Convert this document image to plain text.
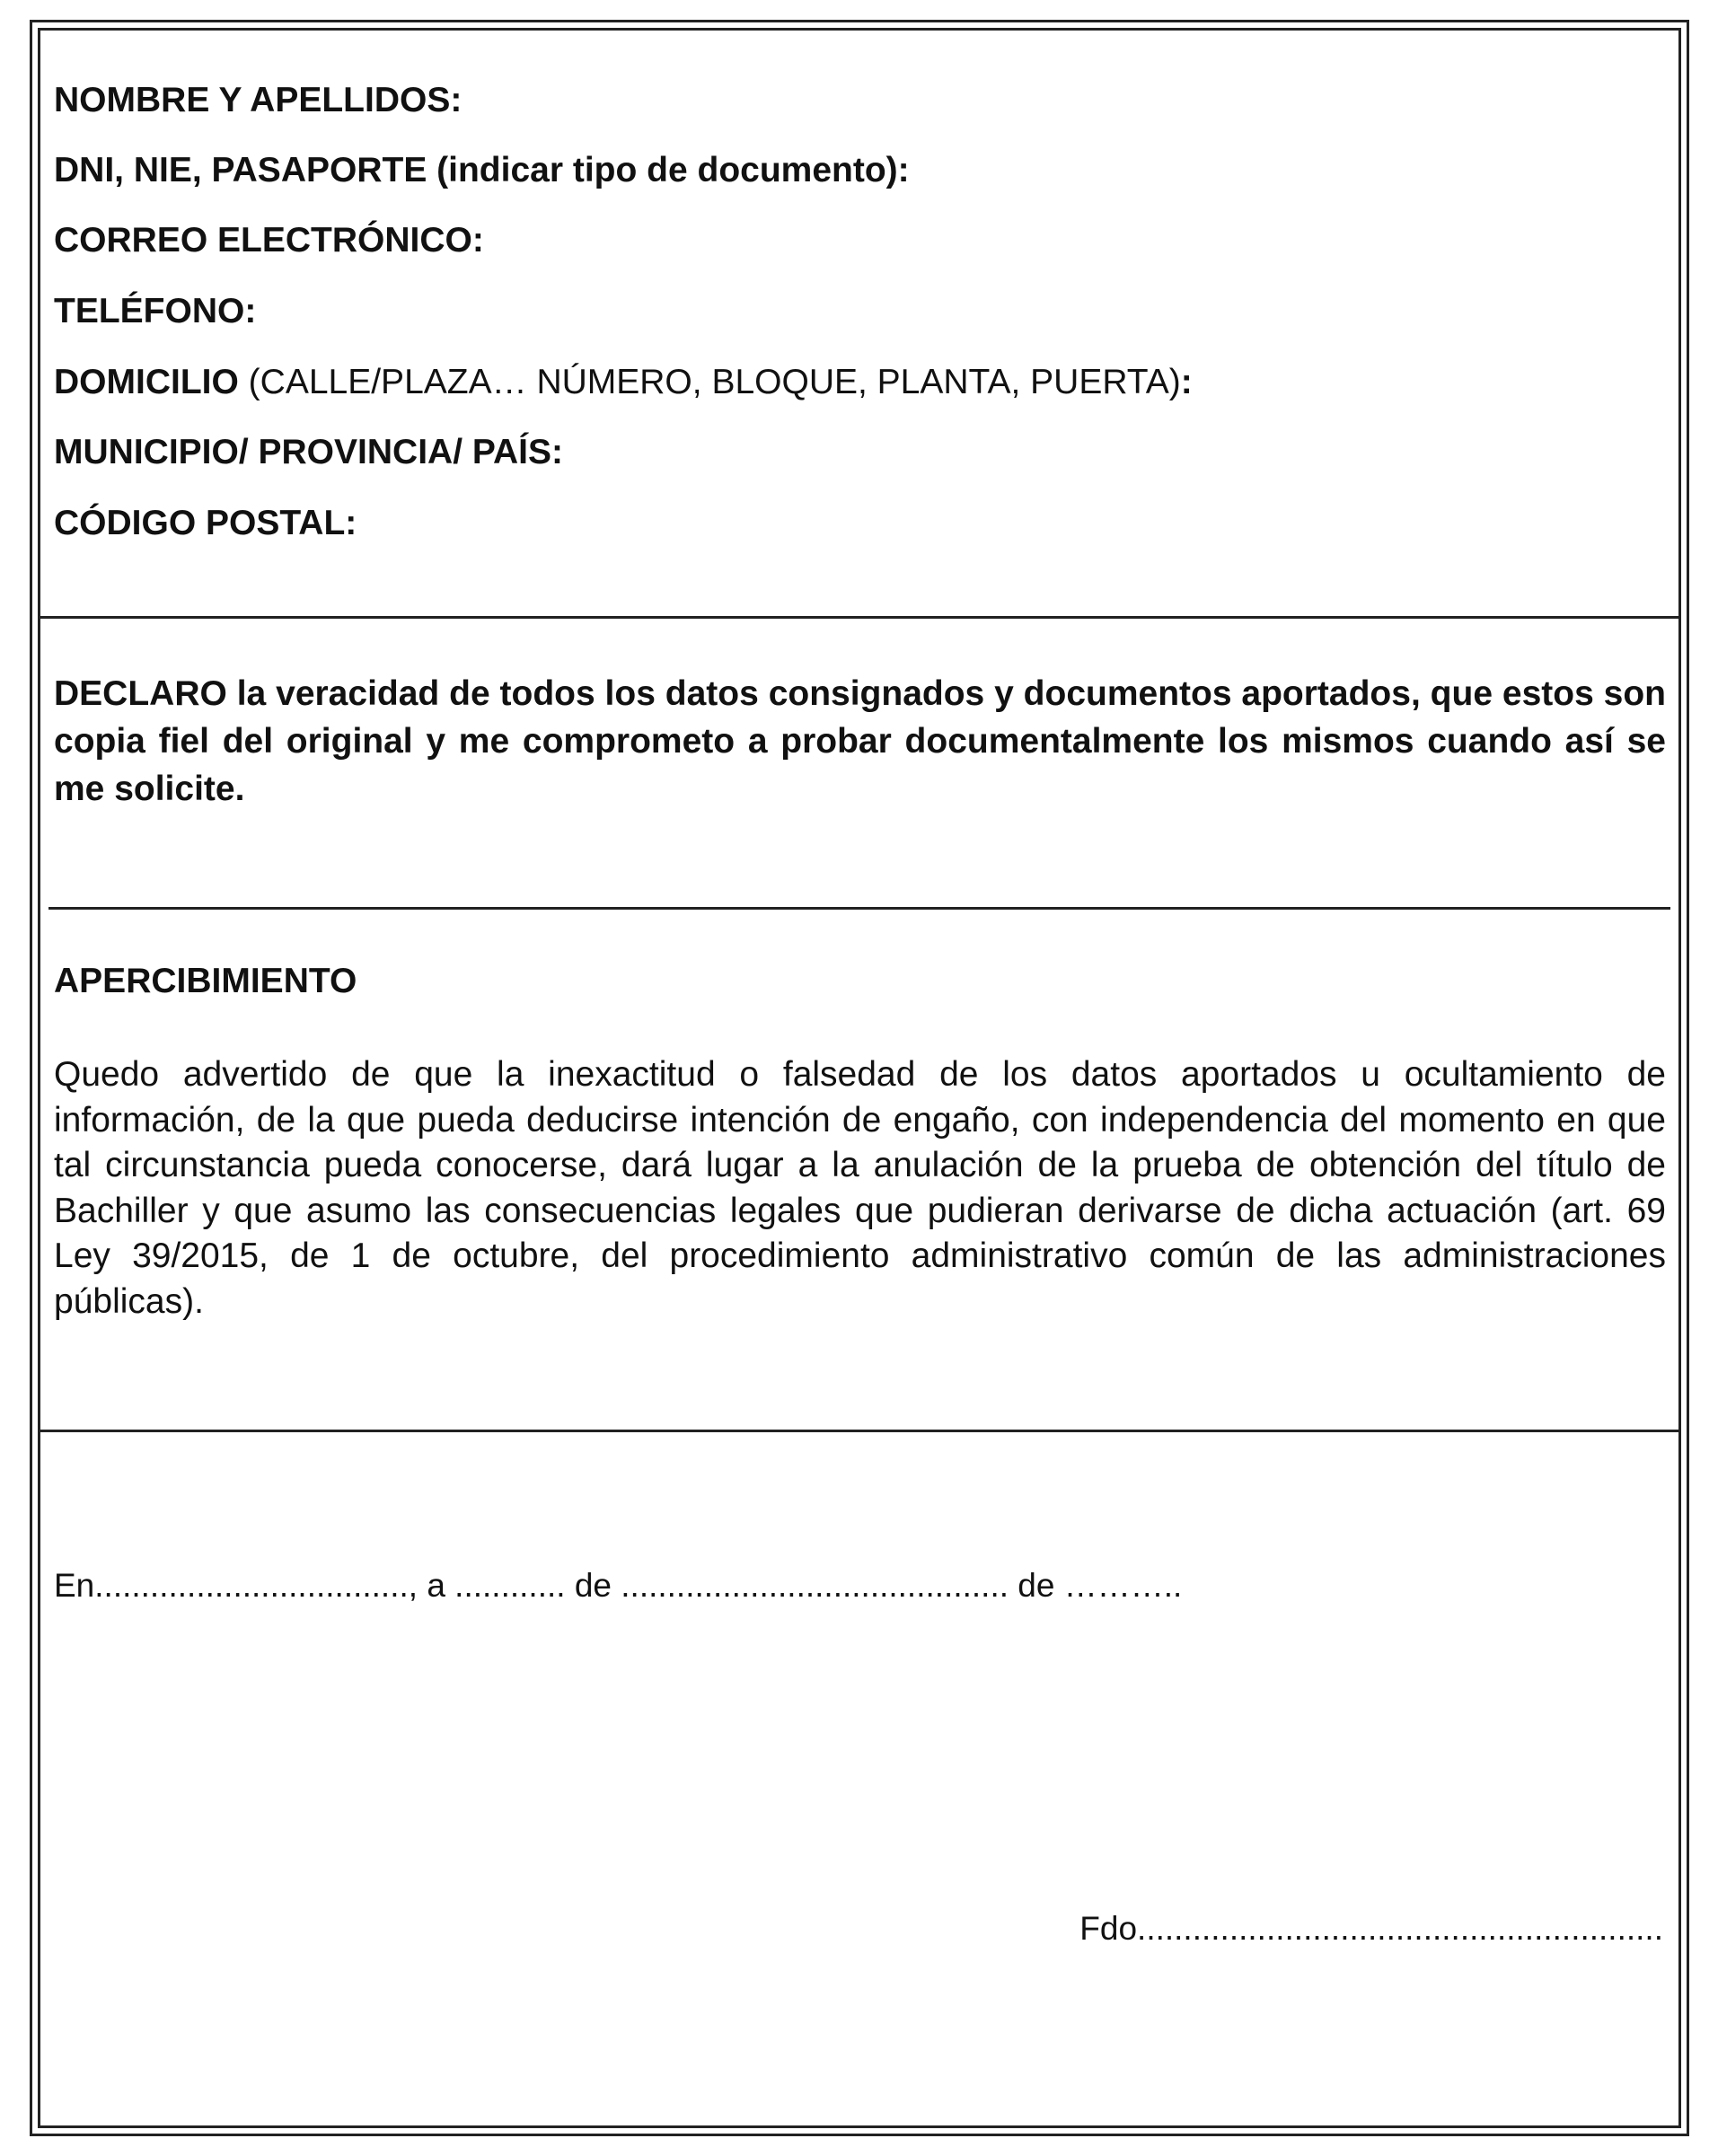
NOMBRE Y APELLIDOS:
DNI, NIE, PASAPORTE (indicar tipo de documento):
CORREO ELECTRÓNICO:
TELÉFONO:
DOMICILIO (CALLE/PLAZA… NÚMERO, BLOQUE, PLANTA, PUERTA):
MUNICIPIO/ PROVINCIA/ PAÍS:
CÓDIGO POSTAL:
DECLARO la veracidad de todos los datos consignados y documentos aportados, que estos son copia fiel del original y me comprometo a probar documentalmente los mismos cuando así se me solicite.
APERCIBIMIENTO
Quedo advertido de que la inexactitud o falsedad de los datos aportados u ocultamiento de información, de la que pueda deducirse intención de engaño, con independencia del momento en que tal circunstancia pueda conocerse, dará lugar a la anulación de la prueba de obtención del título de Bachiller y que asumo las consecuencias legales que pudieran derivarse de dicha actuación (art. 69 Ley 39/2015, de 1 de octubre, del procedimiento administrativo común de las administraciones públicas).
En.................................., a ............ de .......................................... de ………..
Fdo.........................................................
